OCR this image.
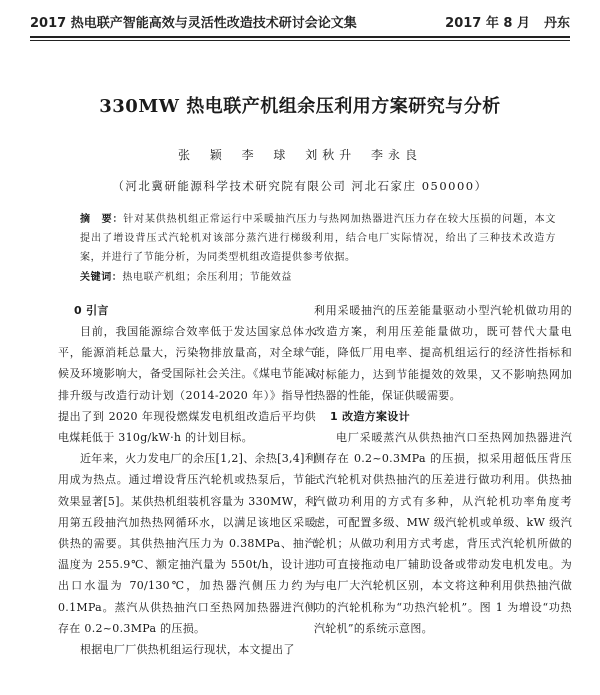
2017 热电联产智能高效与灵活性改造技术研讨会论文集	2017 年 8 月 丹东
330MW 热电联产机组余压利用方案研究与分析
张 颖 李 球 刘秋升 李永良
（河北冀研能源科学技术研究院有限公司 河北石家庄 050000）
摘　要：针对某供热机组正常运行中采暖抽汽压力与热网加热器进汽压力存在较大压损的问题，本文提出了增设背压式汽轮机对该部分蒸汽进行梯级利用，结合电厂实际情况，给出了三种技术改造方案，并进行了节能分析，为同类型机组改造提供参考依据。
关键词：热电联产机组；余压利用；节能效益

0 引言

目前，我国能源综合效率低于发达国家总体水平，能源消耗总量大，污染物排放量高，对全球气候及环境影响大，备受国际社会关注。《煤电节能减排升级与改造行动计划（2014-2020 年）》指导性提出了到 2020 年现役燃煤发电机组改造后平均供电煤耗低于 310g/kW·h 的计划目标。

近年来，火力发电厂的余压[1,2]、余热[3,4]利用成为热点。通过增设背压汽轮机或热泵后，节能效果显著[5]。某供热机组装机容量为 330MW，利用第五段抽汽加热热网循环水，以满足该地区采暖供热的需要。其供热抽汽压力为 0.38MPa、抽汽温度为 255.9℃、额定抽汽量为 550t/h，设计进出口水温为 70/130℃，加热器汽侧压力约为 0.1MPa。蒸汽从供热抽汽口至热网加热器进汽侧存在 0.2~0.3MPa 的压损。

根据电厂厂供热机组运行现状，本文提出了

利用采暖抽汽的压差能量驱动小型汽轮机做功用的改造方案，利用压差能量做功，既可替代大量电能，降低厂用电率、提高机组运行的经济性指标和对标能力，达到节能提效的效果，又不影响热网加热器的性能，保证供暖需要。

1 改造方案设计

电厂采暖蒸汽从供热抽汽口至热网加热器进汽侧存在 0.2~0.3MPa 的压损，拟采用超低压背压式汽轮机对供热抽汽的压差进行做功利用。供热抽汽做功利用的方式有多种，从汽轮机功率角度考虑，可配置多级、MW 级汽轮机或单级、kW 级汽轮机；从做功利用方式考虑，背压式汽轮机所做的功可直接拖动电厂辅助设备或带动发电机发电。为与电厂大汽轮机区别，本文将这种利用供热抽汽做功的汽轮机称为“功热汽轮机”。图 1 为增设“功热汽轮机”的系统示意图。
